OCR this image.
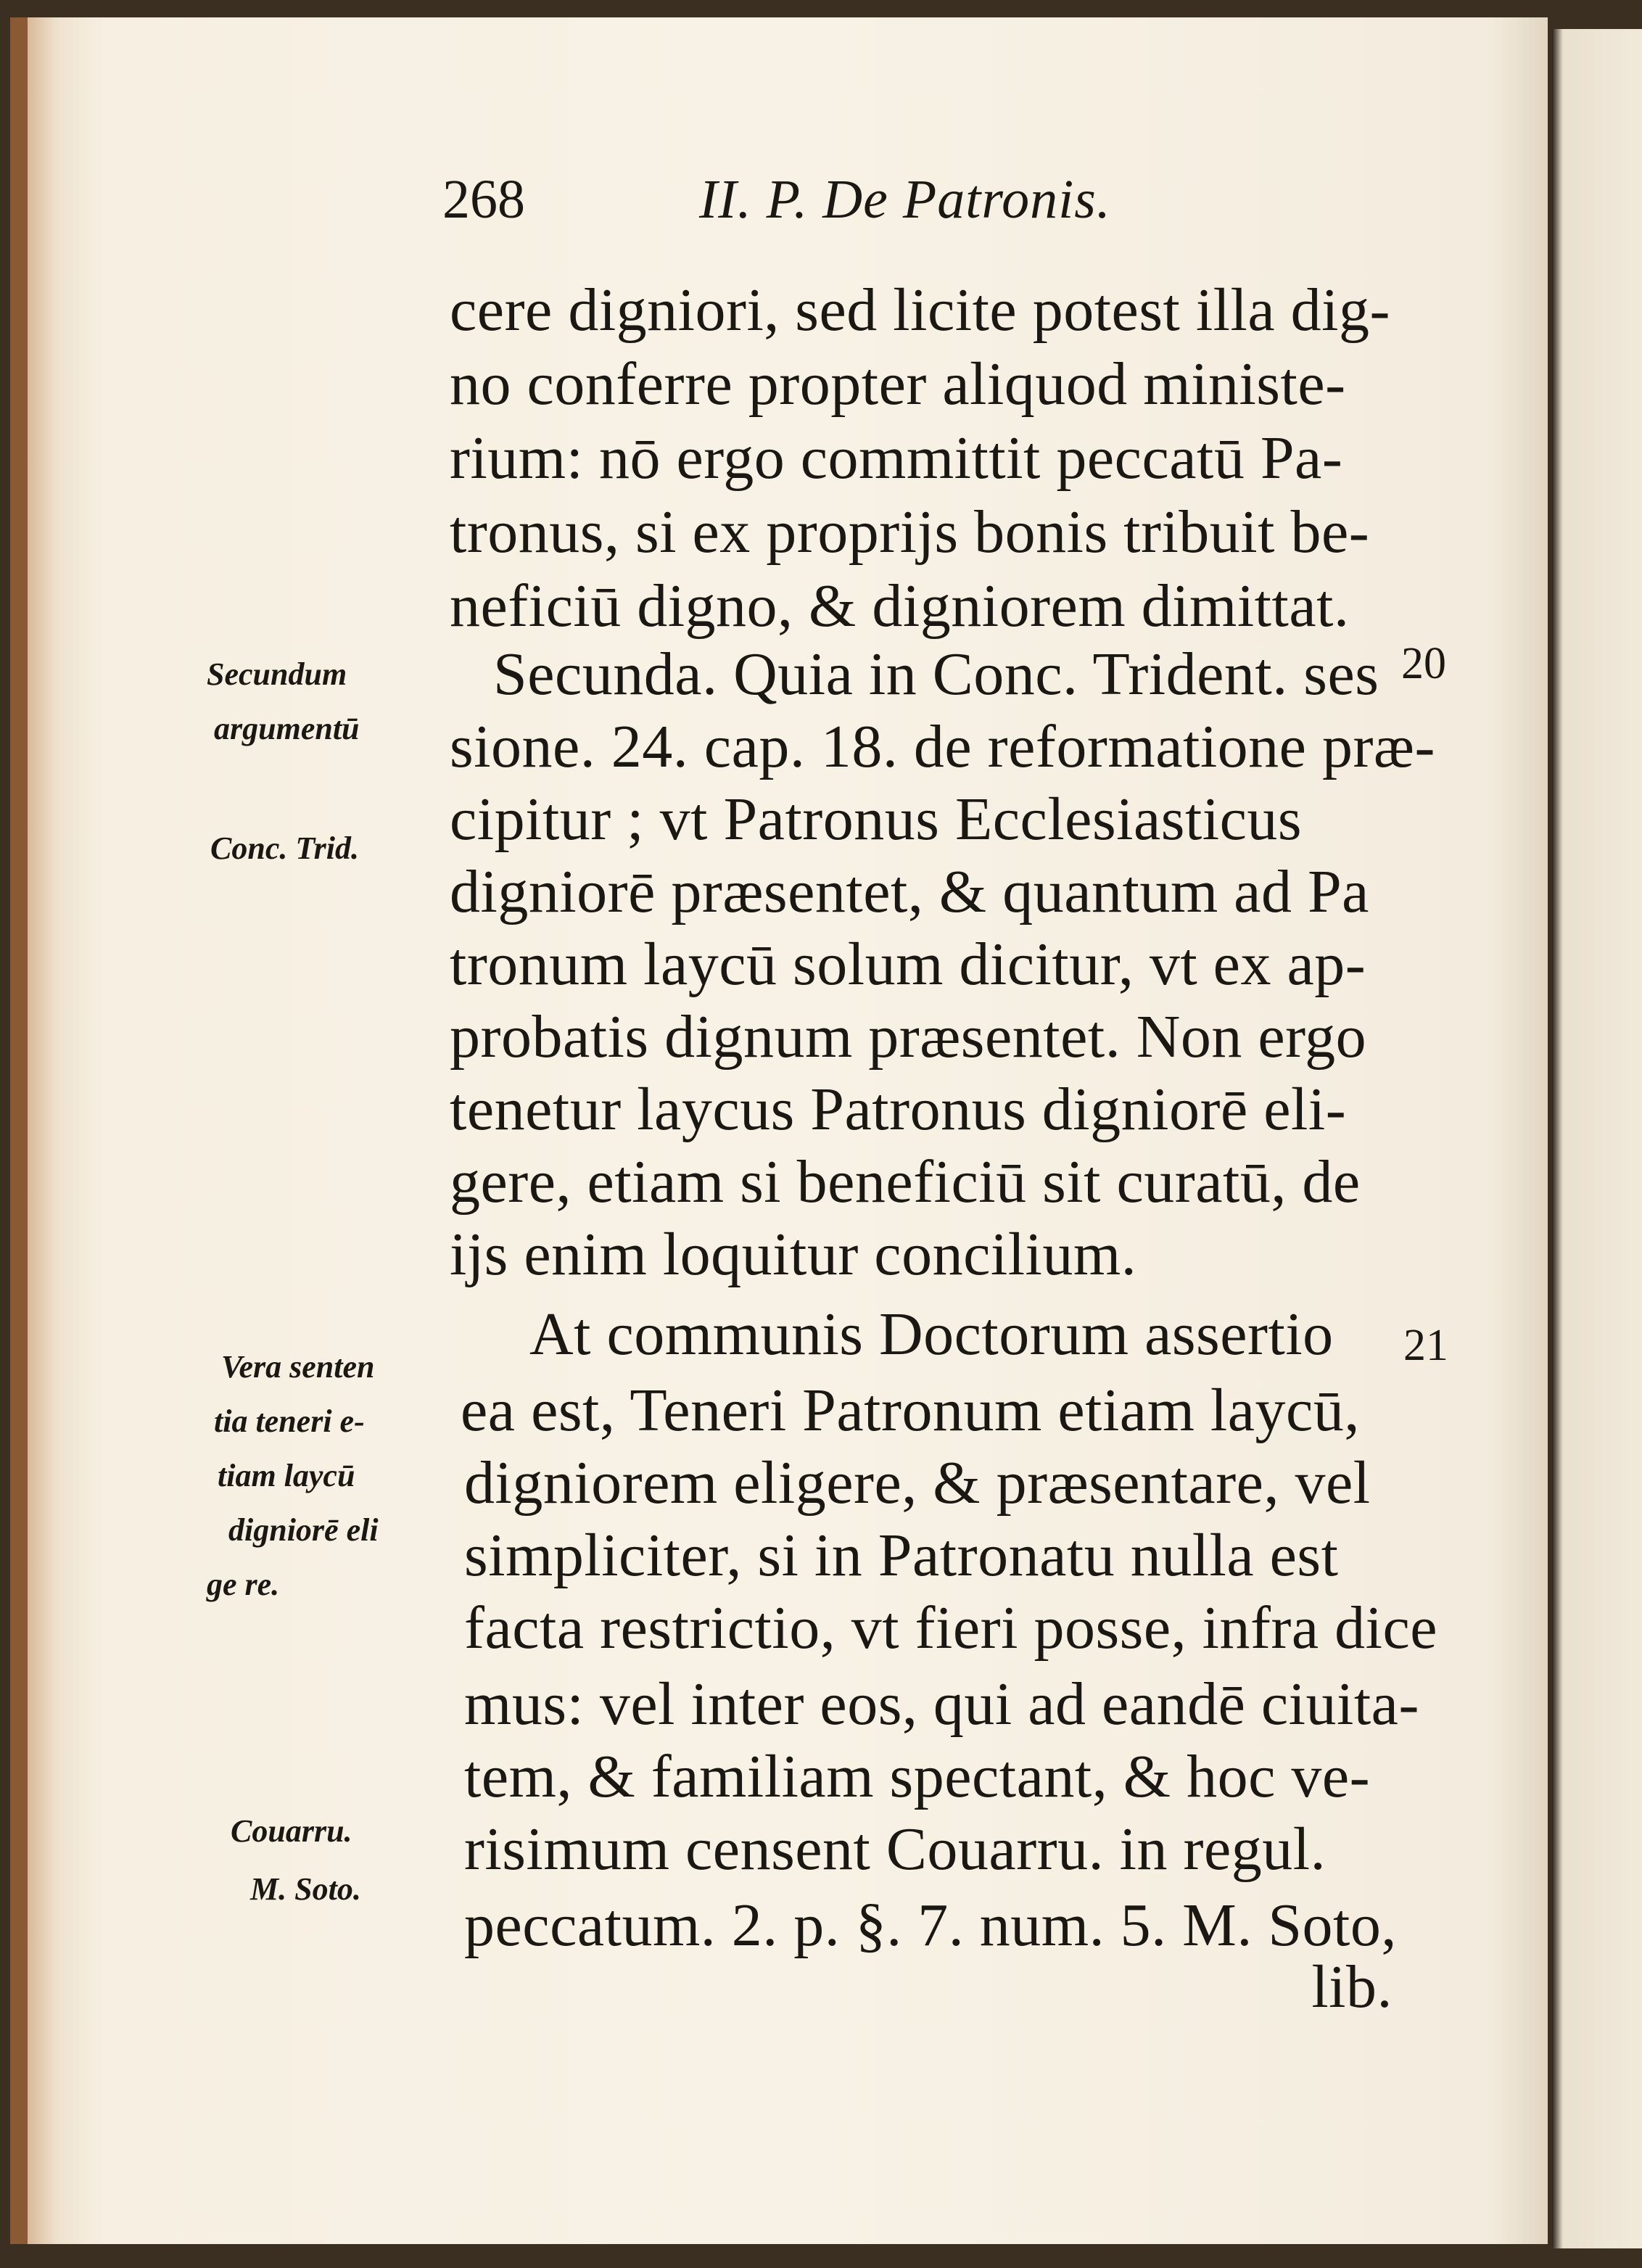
268	II. P. De Patronis.
cere digniori, sed licite potest illa dig-
no conferre propter aliquod ministe-
rium: nō ergo committit peccatū Pa-
tronus, si ex proprijs bonis tribuit be-
neficiū digno, & digniorem dimittat.
Secunda. Quia in Conc. Trident. ses
sione. 24. cap. 18. de reformatione præ-
cipitur ; vt Patronus Ecclesiasticus
digniorē præsentet, & quantum ad Pa
tronum laycū solum dicitur, vt ex ap-
probatis dignum præsentet. Non ergo
tenetur laycus Patronus digniorē eli-
gere, etiam si beneficiū sit curatū, de
ijs enim loquitur concilium.
At communis Doctorum assertio
ea est, Teneri Patronum etiam laycū,
digniorem eligere, & præsentare, vel
simpliciter, si in Patronatu nulla est
facta restrictio, vt fieri posse, infra dice
mus: vel inter eos, qui ad eandē ciuita-
tem, & familiam spectant, & hoc ve-
risimum censent Couarru. in regul.
peccatum. 2. p. §. 7. num. 5. M. Soto,
lib.
Secundum
argumentū
Conc. Trid.
Vera senten
tia teneri e-
tiam laycū
digniorē eli
ge re.
Couarru.
M. Soto.
20
21
